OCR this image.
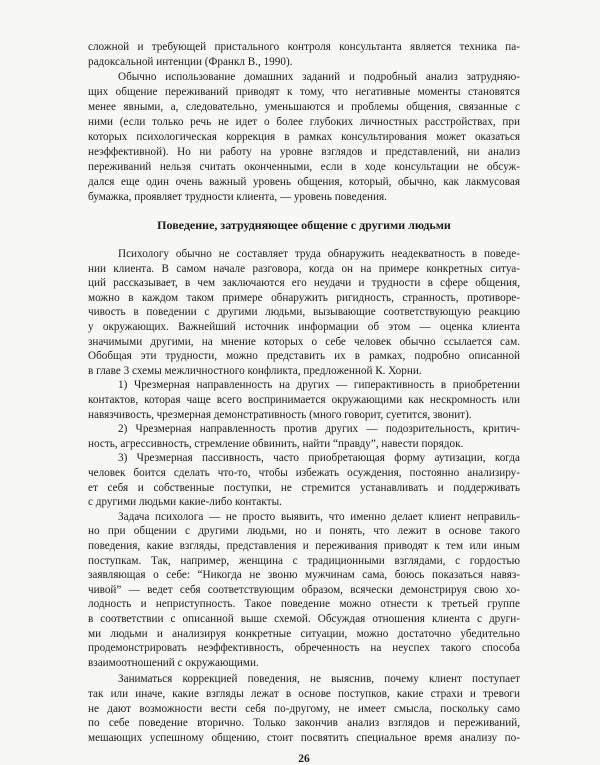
сложной и требующей пристального контроля консультанта является техника па-
радоксальной интенции (Франкл В., 1990).
Обычно использование домашних заданий и подробный анализ затрудняю-
щих общение переживаний приводят к тому, что негативные моменты становятся
менее явными, а, следовательно, уменьшаются и проблемы общения, связанные с
ними (если только речь не идет о более глубоких личностных расстройствах, при
которых психологическая коррекция в рамках консультирования может оказаться
неэффективной). Но ни работу на уровне взглядов и представлений, ни анализ
переживаний нельзя считать оконченными, если в ходе консультации не обсуж-
дался еще один очень важный уровень общения, который, обычно, как лакмусовая
бумажка, проявляет трудности клиента, — уровень поведения.
Поведение, затрудняющее общение с другими людьми
Психологу обычно не составляет труда обнаружить неадекватность в поведе-
нии клиента. В самом начале разговора, когда он на примере конкретных ситуа-
ций рассказывает, в чем заключаются его неудачи и трудности в сфере общения,
можно в каждом таком примере обнаружить ригидность, странность, противоре-
чивость в поведении с другими людьми, вызывающие соответствующую реакцию
у окружающих. Важнейший источник информации об этом — оценка клиента
значимыми другими, на мнение которых о себе человек обычно ссылается сам.
Обобщая эти трудности, можно представить их в рамках, подробно описанной
в главе 3 схемы межличностного конфликта, предложенной К. Хорни.
1) Чрезмерная направленность на других — гиперактивность в приобретении
контактов, которая чаще всего воспринимается окружающими как нескромность или
навязчивость, чрезмерная демонстративность (много говорит, суетится, звонит).
2) Чрезмерная направленность против других — подозрительность, критич-
ность, агрессивность, стремление обвинить, найти “правду”, навести порядок.
3) Чрезмерная пассивность, часто приобретающая форму аутизации, когда
человек боится сделать что-то, чтобы избежать осуждения, постоянно анализиру-
ет себя и собственные поступки, не стремится устанавливать и поддерживать
с другими людьми какие-либо контакты.
Задача психолога — не просто выявить, что именно делает клиент неправиль-
но при общении с другими людьми, но и понять, что лежит в основе такого
поведения, какие взгляды, представления и переживания приводят к тем или иным
поступкам. Так, например, женщина с традиционными взглядами, с гордостью
заявляющая о себе: “Никогда не звоню мужчинам сама, боюсь показаться навяз-
чивой” — ведет себя соответствующим образом, всячески демонстрируя свою хо-
лодность и неприступность. Такое поведение можно отнести к третьей группе
в соответствии с описанной выше схемой. Обсуждая отношения клиента с други-
ми людьми и анализируя конкретные ситуации, можно достаточно убедительно
продемонстрировать неэффективность, обреченность на неуспех такого способа
взаимоотношений с окружающими.
26
Заниматься коррекцией поведения, не выяснив, почему клиент поступает
так или иначе, какие взгляды лежат в основе поступков, какие страхи и тревоги
не дают возможности вести себя по-другому, не имеет смысла, поскольку само
по себе поведение вторично. Только закончив анализ взглядов и переживаний,
мешающих успешному общению, стоит посвятить специальное время анализу по-
